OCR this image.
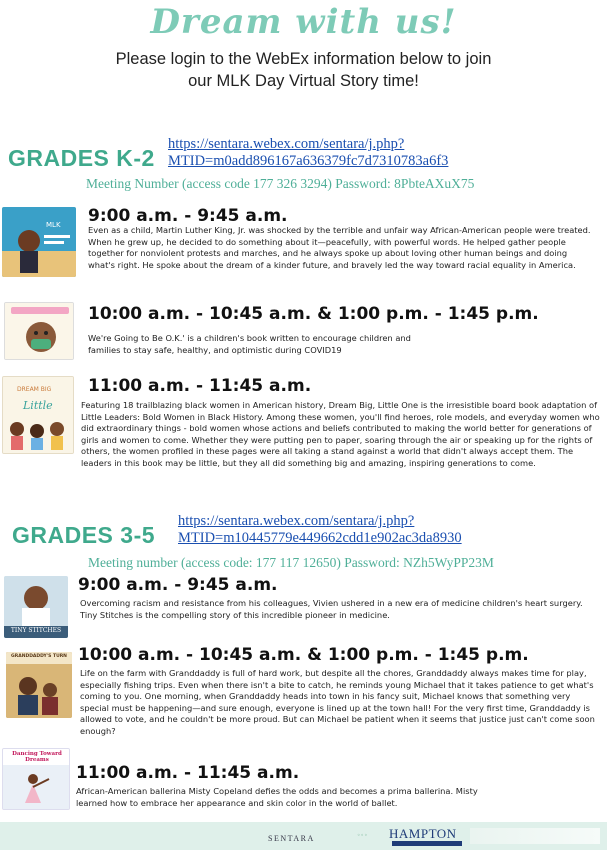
Dream with us!
Please login to the WebEx information below to join
our MLK Day Virtual Story time!
GRADES K-2
https://sentara.webex.com/sentara/j.php?
MTID=m0add896167a636379fc7d7310783a6f3
Meeting Number (access code 177 326 3294) Password: 8PbteAXuX75
MLK 9:00 a.m. - 9:45 a.m.
Even as a child, Martin Luther King, Jr. was shocked by the terrible and unfair way African-American people were treated. When he grew up, he decided to do something about it—peacefully, with powerful words. He helped gather people together for nonviolent protests and marches, and he always spoke up about loving other human beings and doing what's right. He spoke about the dream of a kinder future, and bravely led the way toward racial equality in America.
10:00 a.m. - 10:45 a.m. & 1:00 p.m. - 1:45 p.m.
We're Going to Be O.K.' is a children's book written to encourage children and families to stay safe, healthy, and optimistic during COVID19
DREAM BIG
Little
11:00 a.m. - 11:45 a.m.
Featuring 18 trailblazing black women in American history, Dream Big, Little One is the irresistible board book adaptation of Little Leaders: Bold Women in Black History. Among these women, you'll find heroes, role models, and everyday women who did extraordinary things - bold women whose actions and beliefs contributed to making the world better for generations of girls and women to come. Whether they were putting pen to paper, soaring through the air or speaking up for the rights of others, the women profiled in these pages were all taking a stand against a world that didn't always accept them. The leaders in this book may be little, but they all did something big and amazing, inspiring generations to come.
GRADES 3-5
https://sentara.webex.com/sentara/j.php?
MTID=m10445779e449662cdd1e902ac3da8930
Meeting number (access code: 177 117 12650) Password: NZh5WyPP23M
TINY STITCHES
9:00 a.m. - 9:45 a.m.
Overcoming racism and resistance from his colleagues, Vivien ushered in a new era of medicine children's heart surgery. Tiny Stitches is the compelling story of this incredible pioneer in medicine.
GRANDDADDY'S TURN 10:00 a.m. - 10:45 a.m. & 1:00 p.m. - 1:45 p.m.
Life on the farm with Granddaddy is full of hard work, but despite all the chores, Granddaddy always makes time for play, especially fishing trips. Even when there isn't a bite to catch, he reminds young Michael that it takes patience to get what's coming to you. One morning, when Granddaddy heads into town in his fancy suit, Michael knows that something very special must be happening—and sure enough, everyone is lined up at the town hall! For the very first time, Granddaddy is allowed to vote, and he couldn't be more proud. But can Michael be patient when it seems that justice just can't come soon enough?
Dancing Toward Dreams
11:00 a.m. - 11:45 a.m.
African-American ballerina Misty Copeland defies the odds and becomes a prima ballerina. Misty learned how to embrace her appearance and skin color in the world of ballet.
SENTARA	◦◦◦ HAMPTON
